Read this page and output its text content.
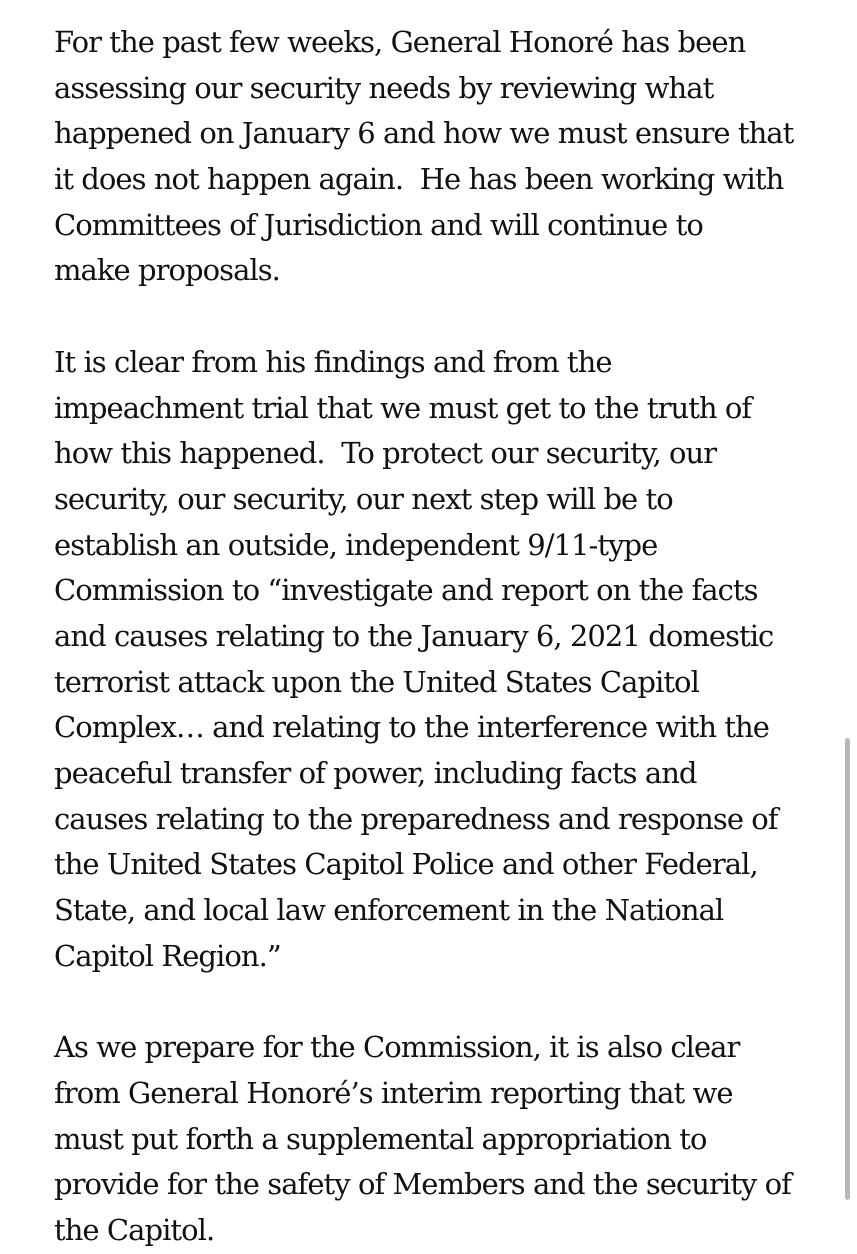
For the past few weeks, General Honoré has been
assessing our security needs by reviewing what
happened on January 6 and how we must ensure that
it does not happen again.  He has been working with
Committees of Jurisdiction and will continue to
make proposals.
It is clear from his findings and from the
impeachment trial that we must get to the truth of
how this happened.  To protect our security, our
security, our security, our next step will be to
establish an outside, independent 9/11-type
Commission to “investigate and report on the facts
and causes relating to the January 6, 2021 domestic
terrorist attack upon the United States Capitol
Complex… and relating to the interference with the
peaceful transfer of power, including facts and
causes relating to the preparedness and response of
the United States Capitol Police and other Federal,
State, and local law enforcement in the National
Capitol Region.”
As we prepare for the Commission, it is also clear
from General Honoré’s interim reporting that we
must put forth a supplemental appropriation to
provide for the safety of Members and the security of
the Capitol.
